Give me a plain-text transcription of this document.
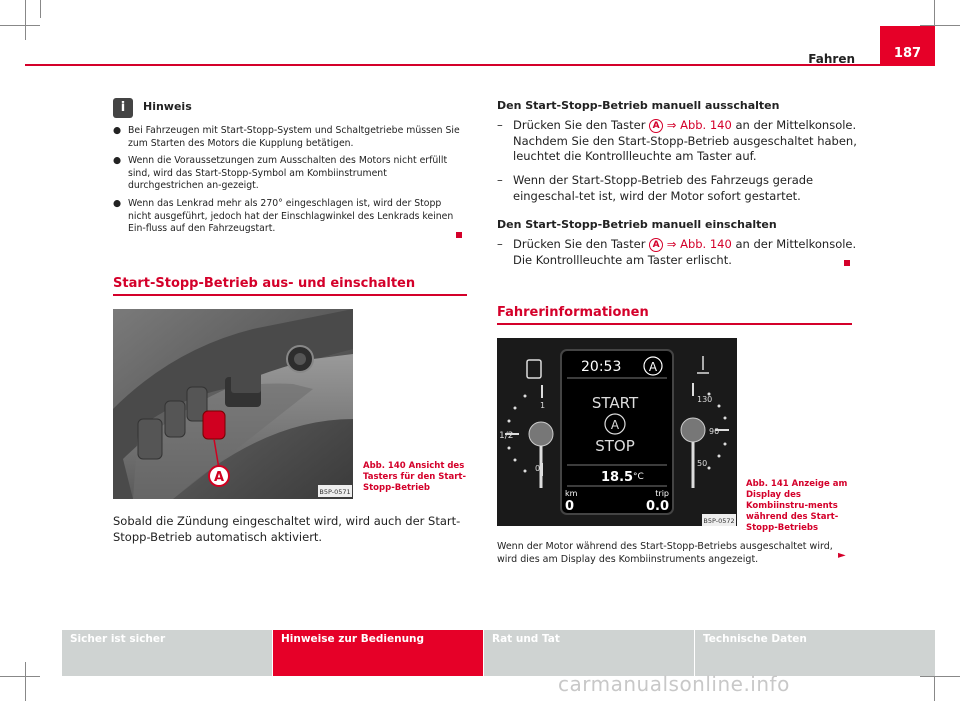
Fahren	187
i	Hinweis
● Bei Fahrzeugen mit Start-Stopp-System und Schaltgetriebe müssen Sie zum Starten des Motors die Kupplung betätigen.
● Wenn die Voraussetzungen zum Ausschalten des Motors nicht erfüllt sind, wird das Start-Stopp-Symbol am Kombiinstrument durchgestrichen an-gezeigt.
● Wenn das Lenkrad mehr als 270° eingeschlagen ist, wird der Stopp nicht ausgeführt, jedoch hat der Einschlagwinkel des Lenkrads keinen Ein-fluss auf den Fahrzeugstart.
Start-Stopp-Betrieb aus- und einschalten
A
B5P-0571
Abb. 140 Ansicht des Tasters für den Start-Stopp-Betrieb
Sobald die Zündung eingeschaltet wird, wird auch der Start-Stopp-Betrieb automatisch aktiviert.
Den Start-Stopp-Betrieb manuell ausschalten
– Drücken Sie den Taster A ⇒ Abb. 140 an der Mittelkonsole. Nachdem Sie den Start-Stopp-Betrieb ausgeschaltet haben, leuchtet die Kontrollleuchte am Taster auf.
– Wenn der Start-Stopp-Betrieb des Fahrzeugs gerade eingeschal-tet ist, wird der Motor sofort gestartet.
Den Start-Stopp-Betrieb manuell einschalten
– Drücken Sie den Taster A ⇒ Abb. 140 an der Mittelkonsole. Die Kontrollleuchte am Taster erlischt.
Fahrerinformationen
1
1/2
0
20:53 A
START
A
STOP
18.5 °C
km
0
trip
0.0
130
90
50
B5P-0572
Abb. 141 Anzeige am Display des Kombiinstru-ments während des Start-Stopp-Betriebs
Wenn der Motor während des Start-Stopp-Betriebs ausgeschaltet wird, wird dies am Display des Kombiinstruments angezeigt.	►
Sicher ist sicher	Hinweise zur Bedienung	Rat und Tat	Technische Daten
carmanualsonline.info
